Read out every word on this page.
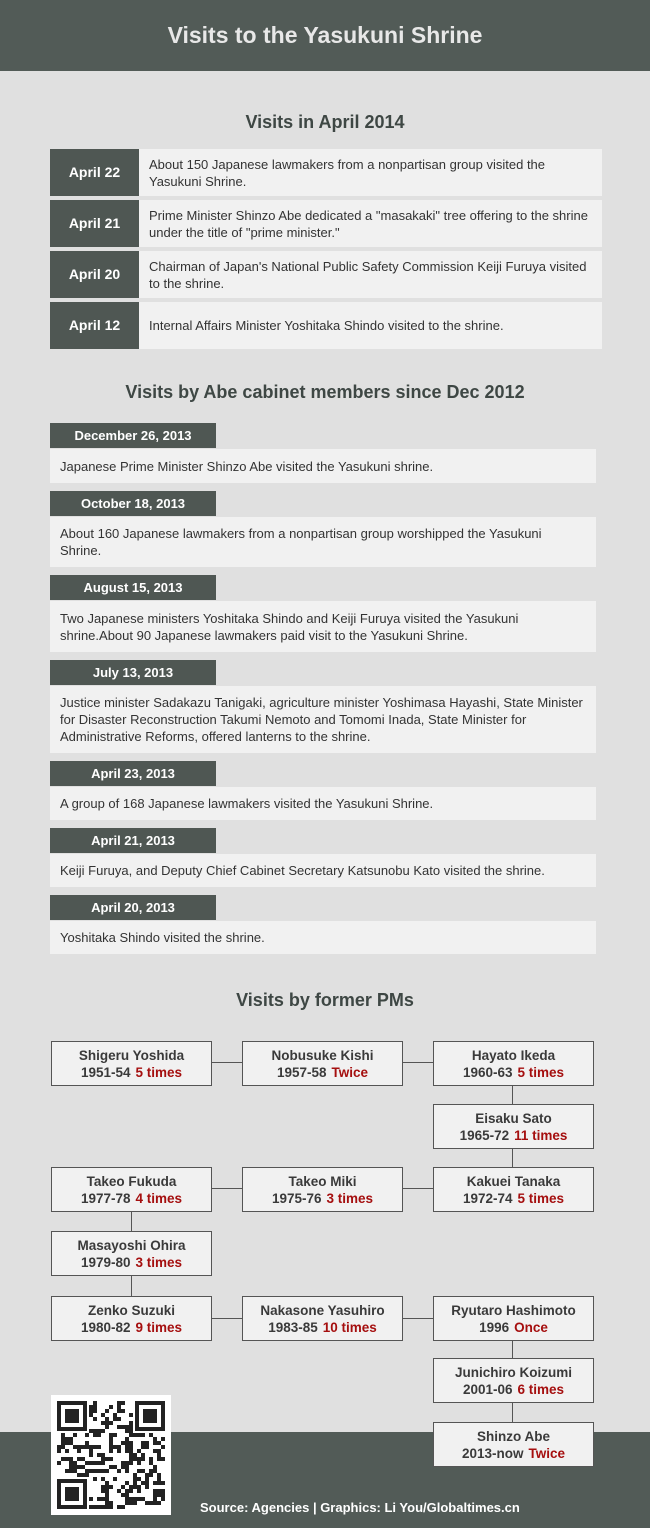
Visits to the Yasukuni Shrine
Visits in April 2014
April 22	About 150 Japanese lawmakers from a nonpartisan group visited the Yasukuni Shrine.
April 21	Prime Minister Shinzo Abe dedicated a "masakaki" tree offering to the shrine under the title of "prime minister."
April 20	Chairman of Japan's National Public Safety Commission Keiji Furuya visited to the shrine.
April 12	Internal Affairs Minister Yoshitaka Shindo visited to the shrine.
Visits by Abe cabinet members since Dec 2012
December 26, 2013
Japanese Prime Minister Shinzo Abe visited the Yasukuni shrine.
October 18, 2013
About 160 Japanese lawmakers from a nonpartisan group worshipped the Yasukuni Shrine.
August 15, 2013
Two Japanese ministers Yoshitaka Shindo and Keiji Furuya visited the Yasukuni shrine.About 90 Japanese lawmakers paid visit to the Yasukuni Shrine.
July 13, 2013
Justice minister Sadakazu Tanigaki, agriculture minister Yoshimasa Hayashi, State Minister for Disaster Reconstruction Takumi Nemoto and Tomomi Inada, State Minister for Administrative Reforms, offered lanterns to the shrine.
April 23, 2013
A group of 168 Japanese lawmakers visited the Yasukuni Shrine.
April 21, 2013
Keiji Furuya, and Deputy Chief Cabinet Secretary Katsunobu Kato visited the shrine.
April 20, 2013
Yoshitaka Shindo visited the shrine.
Visits by former PMs
Shigeru Yoshida
1951-54 5 times
Nobusuke Kishi
1957-58 Twice
Hayato Ikeda
1960-63 5 times
Eisaku Sato
1965-72 11 times
Kakuei Tanaka
1972-74 5 times
Takeo Miki
1975-76 3 times
Takeo Fukuda
1977-78 4 times
Masayoshi Ohira
1979-80 3 times
Zenko Suzuki
1980-82 9 times
Nakasone Yasuhiro
1983-85 10 times
Ryutaro Hashimoto
1996 Once
Junichiro Koizumi
2001-06 6 times
Shinzo Abe
2013-now Twice
Source: Agencies | Graphics: Li You/Globaltimes.cn
